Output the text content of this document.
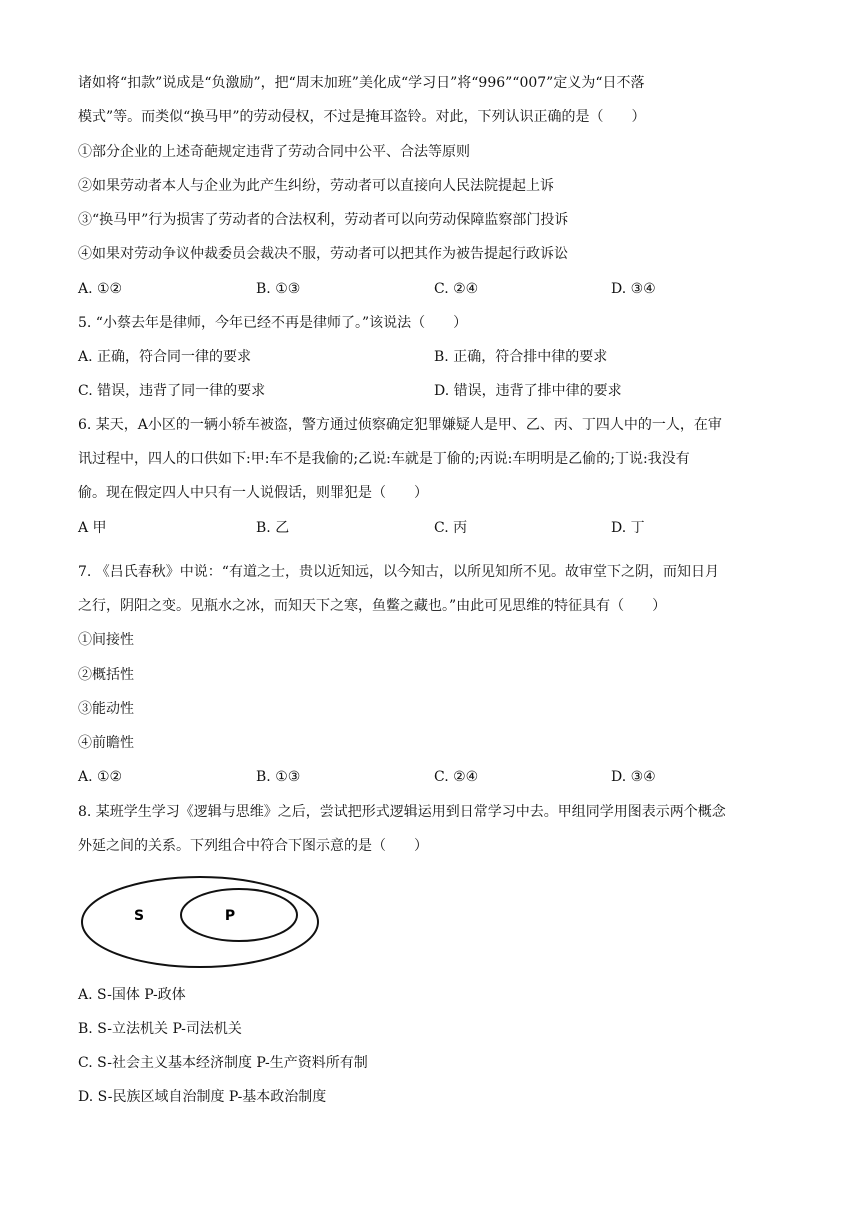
诸如将“扣款”说成是“负激励”，把“周末加班”美化成“学习日”将“996”“007”定义为“日不落
模式”等。而类似“换马甲”的劳动侵权，不过是掩耳盗铃。对此，下列认识正确的是（　　）
①部分企业的上述奇葩规定违背了劳动合同中公平、合法等原则
②如果劳动者本人与企业为此产生纠纷，劳动者可以直接向人民法院提起上诉
③“换马甲”行为损害了劳动者的合法权利，劳动者可以向劳动保障监察部门投诉
④如果对劳动争议仲裁委员会裁决不服，劳动者可以把其作为被告提起行政诉讼
A. ①②	B. ①③	C. ②④	D. ③④
5. “小蔡去年是律师，今年已经不再是律师了。”该说法（　　）
A. 正确，符合同一律的要求	B. 正确，符合排中律的要求
C. 错误，违背了同一律的要求	D. 错误，违背了排中律的要求
6. 某天，A小区的一辆小轿车被盗，警方通过侦察确定犯罪嫌疑人是甲、乙、丙、丁四人中的一人，在审
讯过程中，四人的口供如下:甲:车不是我偷的;乙说:车就是丁偷的;丙说:车明明是乙偷的;丁说:我没有
偷。现在假定四人中只有一人说假话，则罪犯是（　　）
A 甲	B. 乙	C. 丙	D. 丁
7. 《吕氏春秋》中说：“有道之士，贵以近知远，以今知古，以所见知所不见。故审堂下之阴，而知日月
之行，阴阳之变。见瓶水之冰，而知天下之寒，鱼鳖之藏也。”由此可见思维的特征具有（　　）
①间接性
②概括性
③能动性
④前瞻性
A. ①②	B. ①③	C. ②④	D. ③④
8. 某班学生学习《逻辑与思维》之后，尝试把形式逻辑运用到日常学习中去。甲组同学用图表示两个概念
外延之间的关系。下列组合中符合下图示意的是（　　）
S	P
A. S-国体 P-政体
B. S-立法机关 P-司法机关
C. S-社会主义基本经济制度 P-生产资料所有制
D. S-民族区域自治制度 P-基本政治制度
